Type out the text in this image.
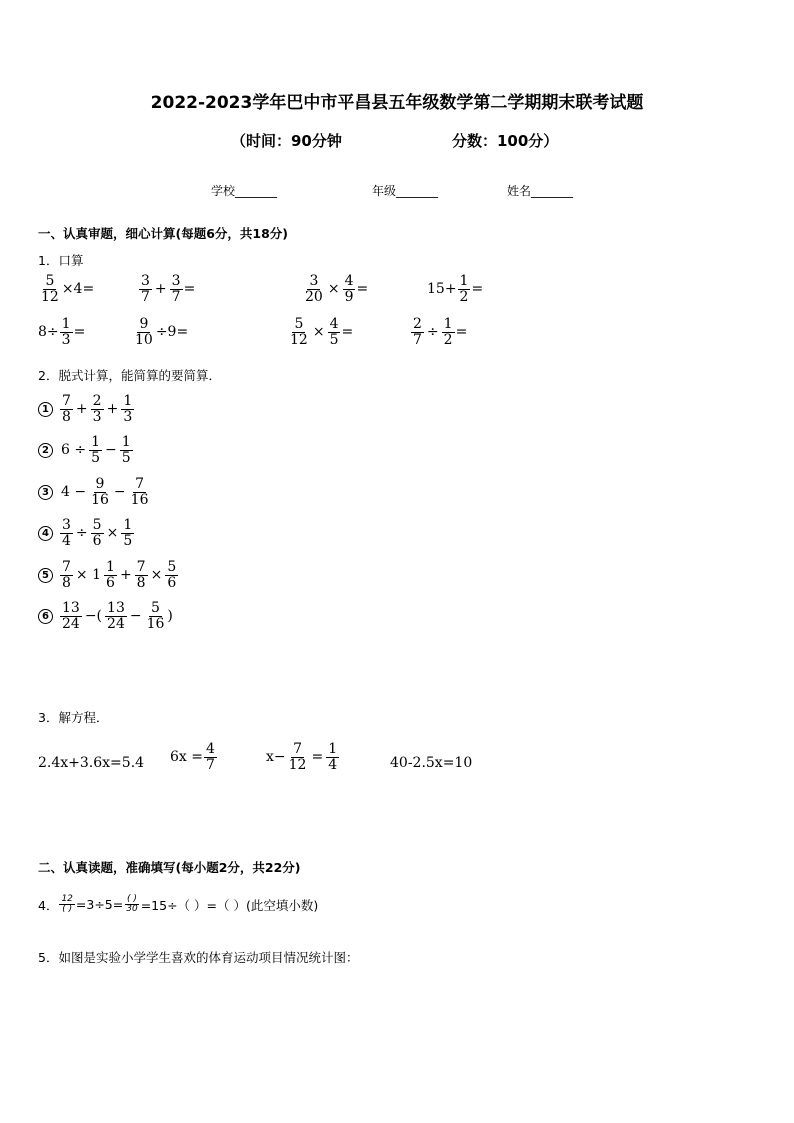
2022-2023学年巴中市平昌县五年级数学第二学期期末联考试题
（时间：90分钟	分数：100分）
学校_______	年级_______	姓名_______
一、认真审题，细心计算(每题6分，共18分)
1．口算
$\frac{5}{12} \times 4=$	$\frac{3}{7} + \frac{3}{7}$ =	$\frac{3}{20} \times \frac{4}{9}$ =	$15+ \frac{1}{2}$ =
$8\div \frac{1}{3}$ =	$\frac{9}{10} \div 9=$	$\frac{5}{12} \times \frac{4}{5}$ =	$\frac{2}{7} \div \frac{1}{2}$ =
2．脱式计算，能简算的要简算．
$1 \frac{7}{8} + \frac{2}{3} + \frac{1}{3}$
2 $6 \div \frac{1}{5} - \frac{1}{5}$
3 $4 - \frac{9}{16} - \frac{7}{16}$
$4 \frac{3}{4} \div \frac{5}{6} \times \frac{1}{5}$
$5 \frac{7}{8} \times 1 \frac{1}{6} + \frac{7}{8} \times \frac{5}{6}$
$6 \frac{13}{24}$ −( $\frac{13}{24} - \frac{5}{16}$ )
3．解方程．
2.4x+3.6x=5.4 $6x = \frac{4}{7}$	$x- \frac{7}{12} = \frac{1}{4}$	40-2.5x=10
二、认真读题，准确填写(每小题2分，共22分)
4． $\frac{12}{( )} =3\div 5= \frac{( )}{30} =15\div$（ ）=（ ）(此空填小数)
5．如图是实验小学学生喜欢的体育运动项目情况统计图：
